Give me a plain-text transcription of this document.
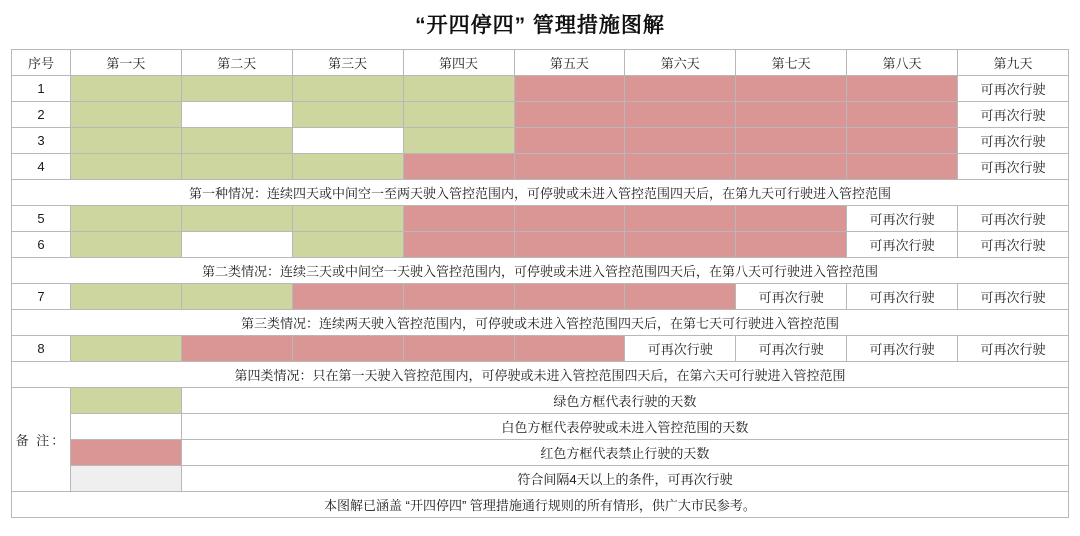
“开四停四” 管理措施图解
序号	第一天	第二天	第三天	第四天	第五天	第六天	第七天	第八天	第九天
1									可再次行驶
2									可再次行驶
3									可再次行驶
4									可再次行驶
第一种情况：连续四天或中间空一至两天驶入管控范围内，可停驶或未进入管控范围四天后，在第九天可行驶进入管控范围									
5								可再次行驶	可再次行驶
6								可再次行驶	可再次行驶
第二类情况：连续三天或中间空一天驶入管控范围内，可停驶或未进入管控范围四天后，在第八天可行驶进入管控范围									
7							可再次行驶	可再次行驶	可再次行驶
第三类情况：连续两天驶入管控范围内，可停驶或未进入管控范围四天后，在第七天可行驶进入管控范围									
8						可再次行驶	可再次行驶	可再次行驶	可再次行驶
第四类情况：只在第一天驶入管控范围内，可停驶或未进入管控范围四天后，在第六天可行驶进入管控范围									
备 注：		绿色方框代表行驶的天数							
		白色方框代表停驶或未进入管控范围的天数							
		红色方框代表禁止行驶的天数							
		符合间隔4天以上的条件，可再次行驶							
本图解已涵盖 “开四停四” 管理措施通行规则的所有情形，供广大市民参考。									
